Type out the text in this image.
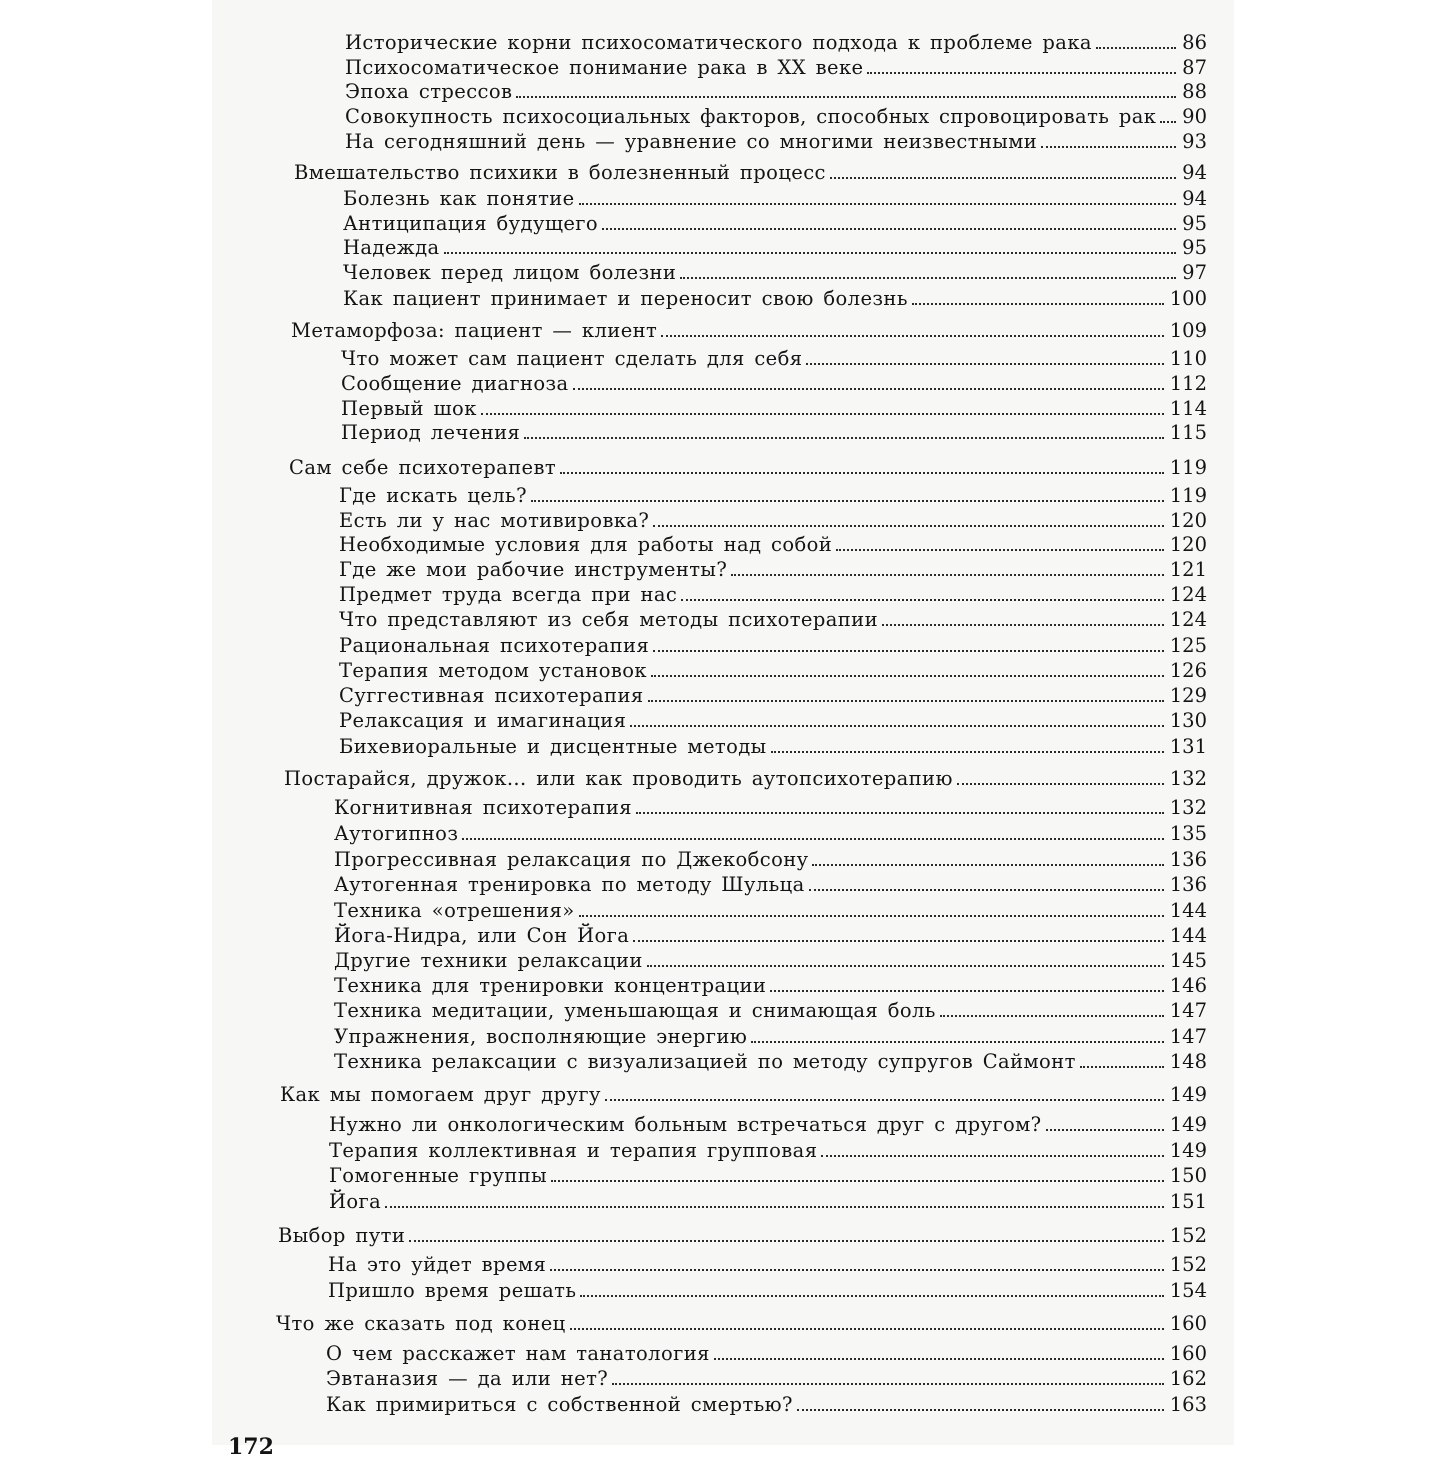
Исторические корни психосоматического подхода к проблеме рака	86
Психосоматическое понимание рака в XX веке	87
Эпоха стрессов	88
Совокупность психосоциальных факторов, способных спровоцировать рак 90
На сегодняшний день — уравнение со многими неизвестными	93
Вмешательство психики в болезненный процесс	94
Болезнь как понятие	94
Антиципация будущего	95
Надежда	95
Человек перед лицом болезни	97
Как пациент принимает и переносит свою болезнь	100
Метаморфоза: пациент — клиент	109
Что может сам пациент сделать для себя	110
Сообщение диагноза	112
Первый шок	114
Период лечения	115
Сам себе психотерапевт	119
Где искать цель?	119
Есть ли у нас мотивировка?	120
Необходимые условия для работы над собой	120
Где же мои рабочие инструменты?	121
Предмет труда всегда при нас	124
Что представляют из себя методы психотерапии	124
Рациональная психотерапия	125
Терапия методом установок	126
Суггестивная психотерапия	129
Релаксация и имагинация	130
Бихевиоральные и дисцентные методы	131
Постарайся, дружок... или как проводить аутопсихотерапию	132
Когнитивная психотерапия	132
Аутогипноз	135
Прогрессивная релаксация по Джекобсону	136
Аутогенная тренировка по методу Шульца	136
Техника «отрешения»	144
Йога-Нидра, или Сон Йога	144
Другие техники релаксации	145
Техника для тренировки концентрации	146
Техника медитации, уменьшающая и снимающая боль	147
Упражнения, восполняющие энергию	147
Техника релаксации с визуализацией по методу супругов Саймонт	148
Как мы помогаем друг другу	149
Нужно ли онкологическим больным встречаться друг с другом?	149
Терапия коллективная и терапия групповая	149
Гомогенные группы	150
Йога	151
Выбор пути	152
На это уйдет время	152
Пришло время решать	154
Что же сказать под конец	160
О чем расскажет нам танатология	160
Эвтаназия — да или нет?	162
Как примириться с собственной смертью?	163
172
